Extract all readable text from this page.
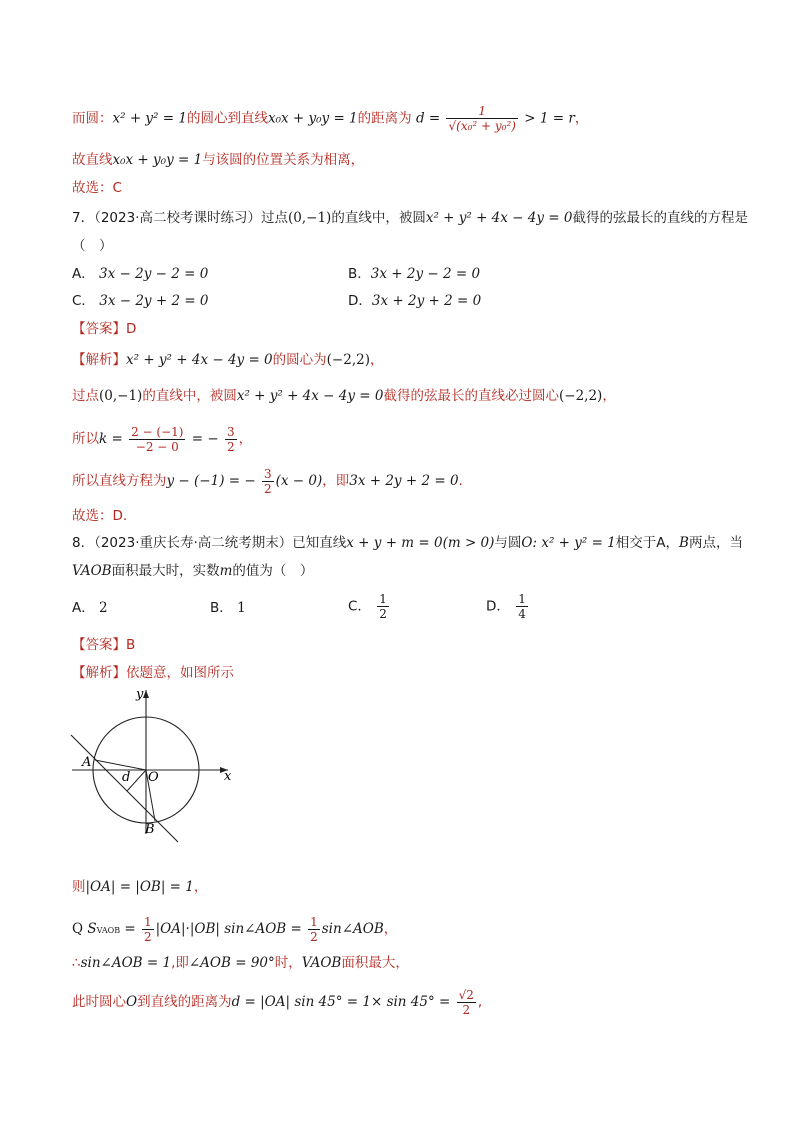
而圆：x² + y² = 1的圆心到直线x₀x + y₀y = 1的距离为 $d = \frac{1}{\text{√(x₀² + y₀²)}} > 1 = r$，
故直线x₀x + y₀y = 1与该圆的位置关系为相离，
故选：C
7．（2023·高二校考课时练习）过点(0,−1)的直线中，被圆x² + y² + 4x − 4y = 0截得的弦最长的直线的方程是
（　）
A． 3x − 2y − 2 = 0	B．3x + 2y − 2 = 0
C． 3x − 2y + 2 = 0	D．3x + 2y + 2 = 0
【答案】D
【解析】x² + y² + 4x − 4y = 0的圆心为(−2,2)，
过点(0,−1)的直线中，被圆x² + y² + 4x − 4y = 0截得的弦最长的直线必过圆心(−2,2)，
所以$k = \frac{2 - (-1)}{-2 - 0}$ = − $\frac{3}{2}$ ，
所以直线方程为y − (−1) = − $\frac{3}{2} (x - 0)$，即3x + 2y + 2 = 0.
故选：D.
8．（2023·重庆长寿·高二统考期末）已知直线x + y + m = 0(m > 0)与圆O: x² + y² = 1相交于A，B两点，当
VAOB面积最大时，实数m的值为（　）
A． 2	B． 1	C． $\frac{1}{2}$	D． $\frac{1}{4}$
【答案】B
【解析】依题意，如图所示
y
x
A
O
d
B
则|OA| = |OB| = 1，
Q SVAOB = $\frac{1}{2} |OA|\cdot|OB|$ sin∠AOB = $\frac{1}{2}$ sin∠AOB，
∴sin∠AOB = 1,即∠AOB = 90°时，VAOB面积最大，
此时圆心O到直线的距离为d = |OA| $\sin 45^\circ = 1\times \sin 45^\circ = \frac{√2}{2}$ ,
